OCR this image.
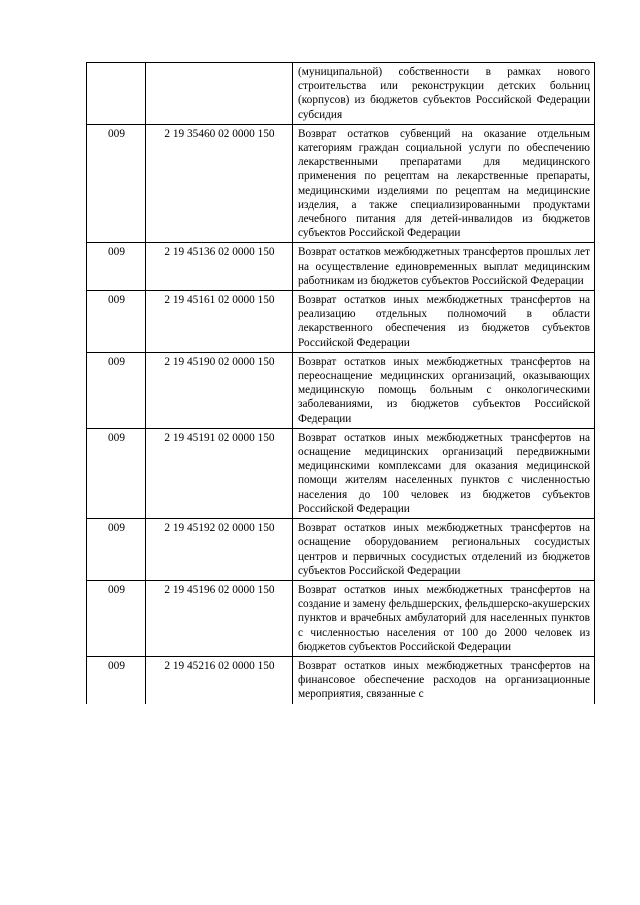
		(муниципальной) собственности в рамках нового строительства или реконструкции детских больниц (корпусов) из бюджетов субъектов Российской Федерации субсидия
009	2 19 35460 02 0000 150	Возврат остатков субвенций на оказание отдельным категориям граждан социальной услуги по обеспечению лекарственными препаратами для медицинского применения по рецептам на лекарственные препараты, медицинскими изделиями по рецептам на медицинские изделия, а также специализированными продуктами лечебного питания для детей-инвалидов из бюджетов субъектов Российской Федерации
009	2 19 45136 02 0000 150	Возврат остатков межбюджетных трансфертов прошлых лет на осуществление единовременных выплат медицинским работникам из бюджетов субъектов Российской Федерации
009	2 19 45161 02 0000 150	Возврат остатков иных межбюджетных трансфертов на реализацию отдельных полномочий в области лекарственного обеспечения из бюджетов субъектов Российской Федерации
009	2 19 45190 02 0000 150	Возврат остатков иных межбюджетных трансфертов на переоснащение медицинских организаций, оказывающих медицинскую помощь больным с онкологическими заболеваниями, из бюджетов субъектов Российской Федерации
009	2 19 45191 02 0000 150	Возврат остатков иных межбюджетных трансфертов на оснащение медицинских организаций передвижными медицинскими комплексами для оказания медицинской помощи жителям населенных пунктов с численностью населения до 100 человек из бюджетов субъектов Российской Федерации
009	2 19 45192 02 0000 150	Возврат остатков иных межбюджетных трансфертов на оснащение оборудованием региональных сосудистых центров и первичных сосудистых отделений из бюджетов субъектов Российской Федерации
009	2 19 45196 02 0000 150	Возврат остатков иных межбюджетных трансфертов на создание и замену фельдшерских, фельдшерско-акушерских пунктов и врачебных амбулаторий для населенных пунктов с численностью населения от 100 до 2000 человек из бюджетов субъектов Российской Федерации
009	2 19 45216 02 0000 150	Возврат остатков иных межбюджетных трансфертов на финансовое обеспечение расходов на организационные мероприятия, связанные с
